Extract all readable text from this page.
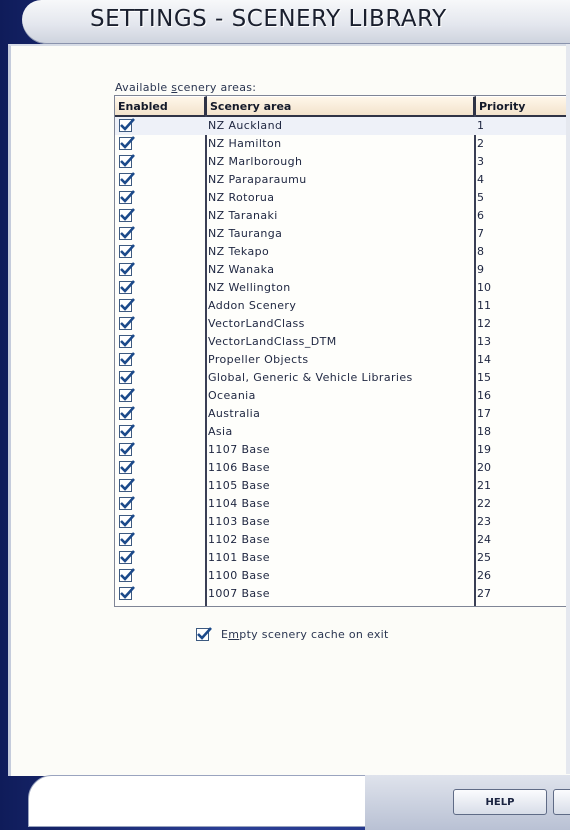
SETTINGS - SCENERY LIBRARY
Available scenery areas:
Enabled	Scenery area	Priority
NZ Auckland	1
NZ Hamilton	2
NZ Marlborough	3
NZ Paraparaumu	4
NZ Rotorua	5
NZ Taranaki	6
NZ Tauranga	7
NZ Tekapo	8
NZ Wanaka	9
NZ Wellington	10
Addon Scenery	11
VectorLandClass	12
VectorLandClass_DTM	13
Propeller Objects	14
Global, Generic & Vehicle Libraries	15
Oceania	16
Australia	17
Asia	18
1107 Base	19
1106 Base	20
1105 Base	21
1104 Base	22
1103 Base	23
1102 Base	24
1101 Base	25
1100 Base	26
1007 Base	27
Empty scenery cache on exit
HELP
